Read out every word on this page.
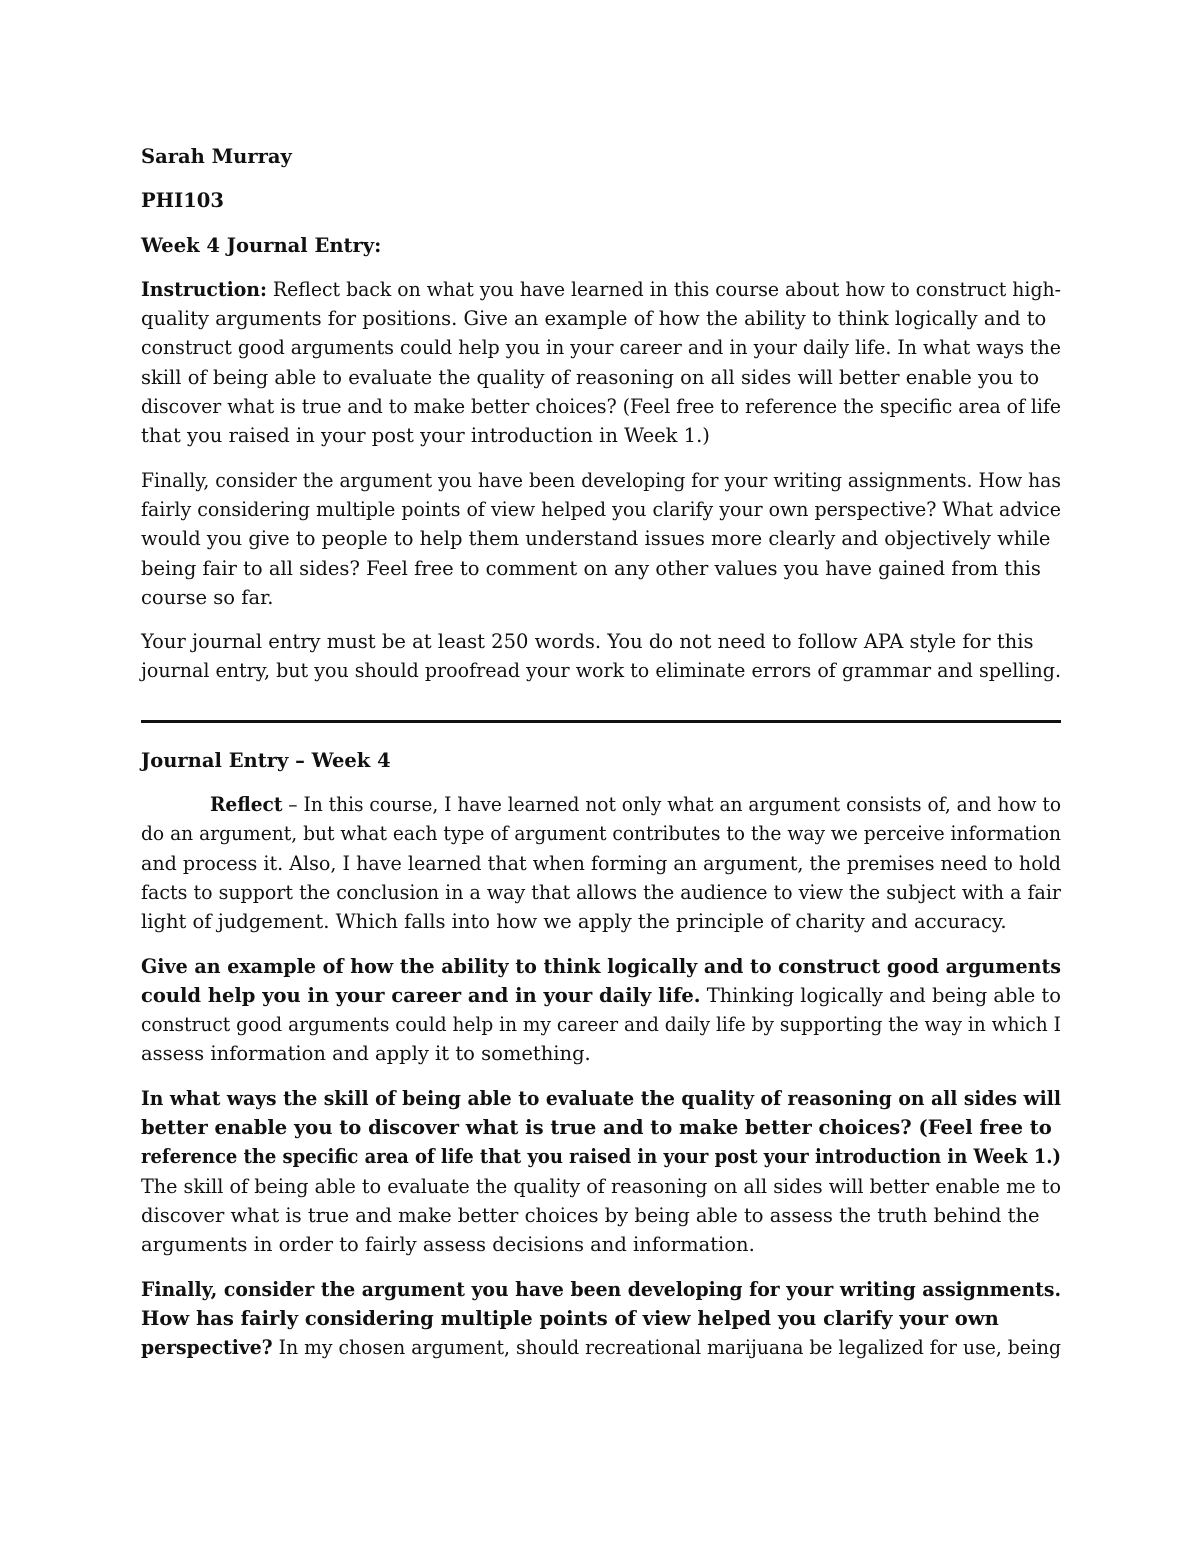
Sarah Murray
PHI103
Week 4 Journal Entry:
Instruction: Reflect back on what you have learned in this course about how to construct high-
quality arguments for positions. Give an example of how the ability to think logically and to
construct good arguments could help you in your career and in your daily life. In what ways the
skill of being able to evaluate the quality of reasoning on all sides will better enable you to
discover what is true and to make better choices? (Feel free to reference the specific area of life
that you raised in your post your introduction in Week 1.)
Finally, consider the argument you have been developing for your writing assignments. How has
fairly considering multiple points of view helped you clarify your own perspective? What advice
would you give to people to help them understand issues more clearly and objectively while
being fair to all sides? Feel free to comment on any other values you have gained from this
course so far.
Your journal entry must be at least 250 words. You do not need to follow APA style for this
journal entry, but you should proofread your work to eliminate errors of grammar and spelling.
Journal Entry – Week 4
Reflect – In this course, I have learned not only what an argument consists of, and how to
do an argument, but what each type of argument contributes to the way we perceive information
and process it. Also, I have learned that when forming an argument, the premises need to hold
facts to support the conclusion in a way that allows the audience to view the subject with a fair
light of judgement. Which falls into how we apply the principle of charity and accuracy.
Give an example of how the ability to think logically and to construct good arguments
could help you in your career and in your daily life. Thinking logically and being able to
construct good arguments could help in my career and daily life by supporting the way in which I
assess information and apply it to something.
In what ways the skill of being able to evaluate the quality of reasoning on all sides will
better enable you to discover what is true and to make better choices? (Feel free to
reference the specific area of life that you raised in your post your introduction in Week 1.)
The skill of being able to evaluate the quality of reasoning on all sides will better enable me to
discover what is true and make better choices by being able to assess the truth behind the
arguments in order to fairly assess decisions and information.
Finally, consider the argument you have been developing for your writing assignments.
How has fairly considering multiple points of view helped you clarify your own
perspective? In my chosen argument, should recreational marijuana be legalized for use, being
